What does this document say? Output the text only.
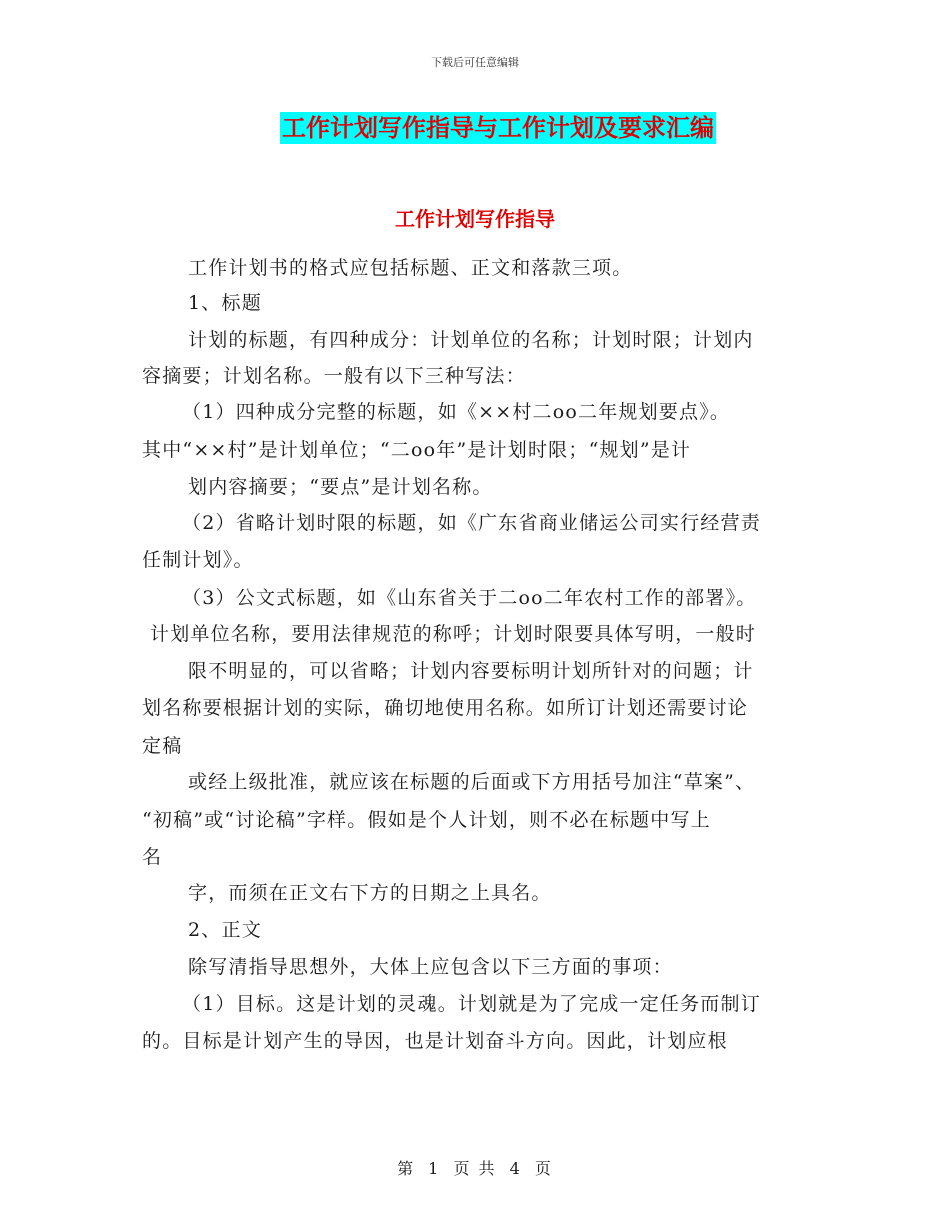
下载后可任意编辑
工作计划写作指导与工作计划及要求汇编
工作计划写作指导
工作计划书的格式应包括标题、正文和落款三项。
1、标题
计划的标题，有四种成分：计划单位的名称；计划时限；计划内
容摘要；计划名称。一般有以下三种写法：
（1）四种成分完整的标题，如《××村二oo二年规划要点》。
其中“××村”是计划单位；“二oo年”是计划时限；“规划”是计
划内容摘要；“要点”是计划名称。
（2）省略计划时限的标题，如《广东省商业储运公司实行经营责
任制计划》。
（3）公文式标题，如《山东省关于二oo二年农村工作的部署》。
计划单位名称，要用法律规范的称呼；计划时限要具体写明，一般时
限不明显的，可以省略；计划内容要标明计划所针对的问题；计
划名称要根据计划的实际，确切地使用名称。如所订计划还需要讨论
定稿
或经上级批准，就应该在标题的后面或下方用括号加注“草案”、
“初稿”或“讨论稿”字样。假如是个人计划，则不必在标题中写上
名
字，而须在正文右下方的日期之上具名。
2、正文
除写清指导思想外，大体上应包含以下三方面的事项：
（1）目标。这是计划的灵魂。计划就是为了完成一定任务而制订
的。目标是计划产生的导因，也是计划奋斗方向。因此，计划应根
第 1 页 共 4 页
